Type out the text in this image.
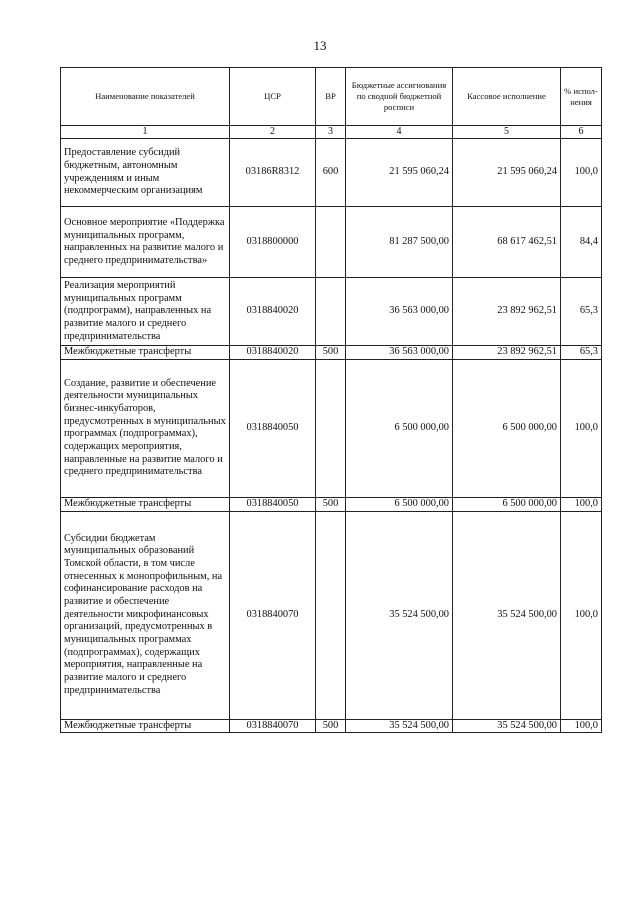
13
Наименование показателей	ЦСР	ВР	Бюджетные ассигнования по сводной бюджетной росписи	Кассовое исполнение	% испол-нения
1	2	3	4	5	6
Предоставление субсидий бюджетным, автономным учреждениям и иным некоммерческим организациям	03186R8312	600	21 595 060,24	21 595 060,24	100,0
Основное мероприятие «Поддержка муниципальных программ, направленных на развитие малого и среднего предпринимательства»	0318800000		81 287 500,00	68 617 462,51	84,4
Реализация мероприятий муниципальных программ (подпрограмм), направленных на развитие малого и среднего предпринимательства	0318840020		36 563 000,00	23 892 962,51	65,3
Межбюджетные трансферты	0318840020	500	36 563 000,00	23 892 962,51	65,3
Создание, развитие и обеспечение деятельности муниципальных бизнес-инкубаторов, предусмотренных в муниципальных программах (подпрограммах), содержащих мероприятия, направленные на развитие малого и среднего предпринимательства	0318840050		6 500 000,00	6 500 000,00	100,0
Межбюджетные трансферты	0318840050	500	6 500 000,00	6 500 000,00	100,0
Субсидии бюджетам муниципальных образований Томской области, в том числе отнесенных к монопрофильным, на софинансирование расходов на развитие и обеспечение деятельности микрофинансовых организаций, предусмотренных в муниципальных программах (подпрограммах), содержащих мероприятия, направленные на развитие малого и среднего предпринимательства	0318840070		35 524 500,00	35 524 500,00	100,0
Межбюджетные трансферты	0318840070	500	35 524 500,00	35 524 500,00	100,0
